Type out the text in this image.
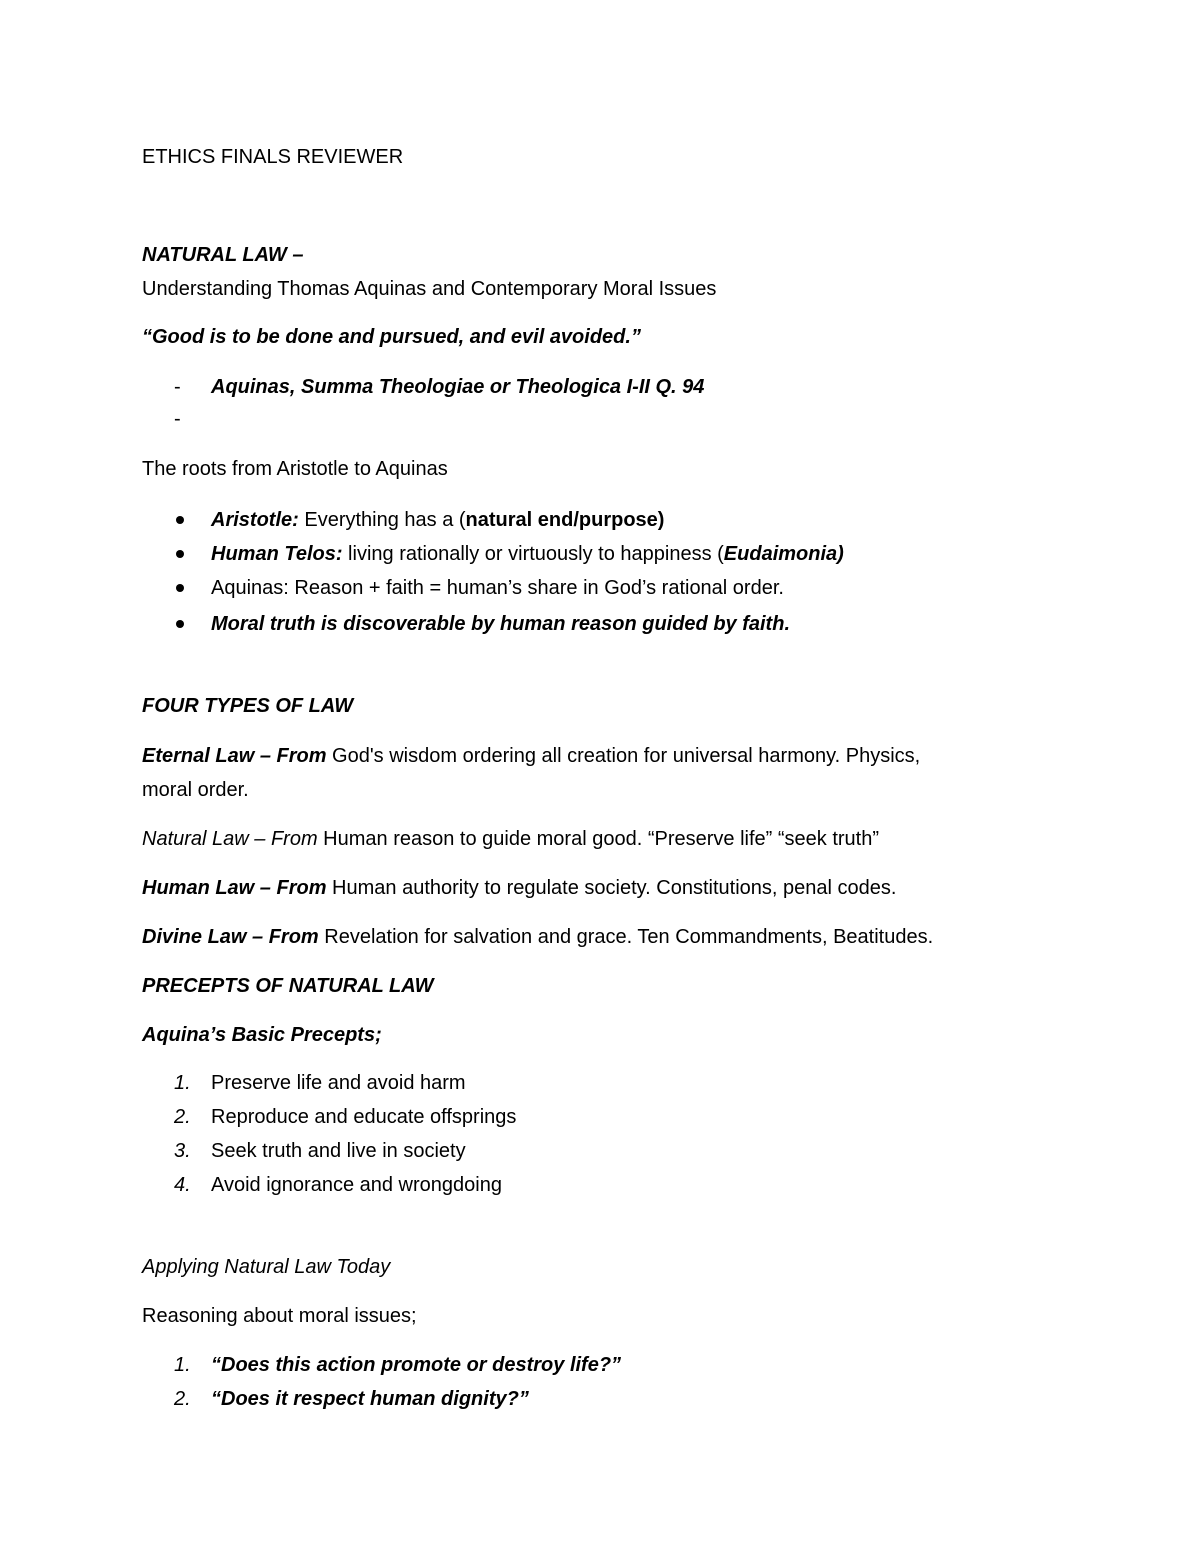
ETHICS FINALS REVIEWER
NATURAL LAW –
Understanding Thomas Aquinas and Contemporary Moral Issues
“Good is to be done and pursued, and evil avoided.”
- Aquinas, Summa Theologiae or Theologica I-II Q. 94
-
The roots from Aristotle to Aquinas
Aristotle: Everything has a (natural end/purpose)
Human Telos: living rationally or virtuously to happiness (Eudaimonia)
Aquinas: Reason + faith = human’s share in God’s rational order.
Moral truth is discoverable by human reason guided by faith.
FOUR TYPES OF LAW
Eternal Law – From God's wisdom ordering all creation for universal harmony. Physics,
moral order.
Natural Law – From Human reason to guide moral good. “Preserve life” “seek truth”
Human Law – From Human authority to regulate society. Constitutions, penal codes.
Divine Law – From Revelation for salvation and grace. Ten Commandments, Beatitudes.
PRECEPTS OF NATURAL LAW
Aquina’s Basic Precepts;
1. Preserve life and avoid harm
2. Reproduce and educate offsprings
3. Seek truth and live in society
4. Avoid ignorance and wrongdoing
Applying Natural Law Today
Reasoning about moral issues;
1. “Does this action promote or destroy life?”
2. “Does it respect human dignity?”
